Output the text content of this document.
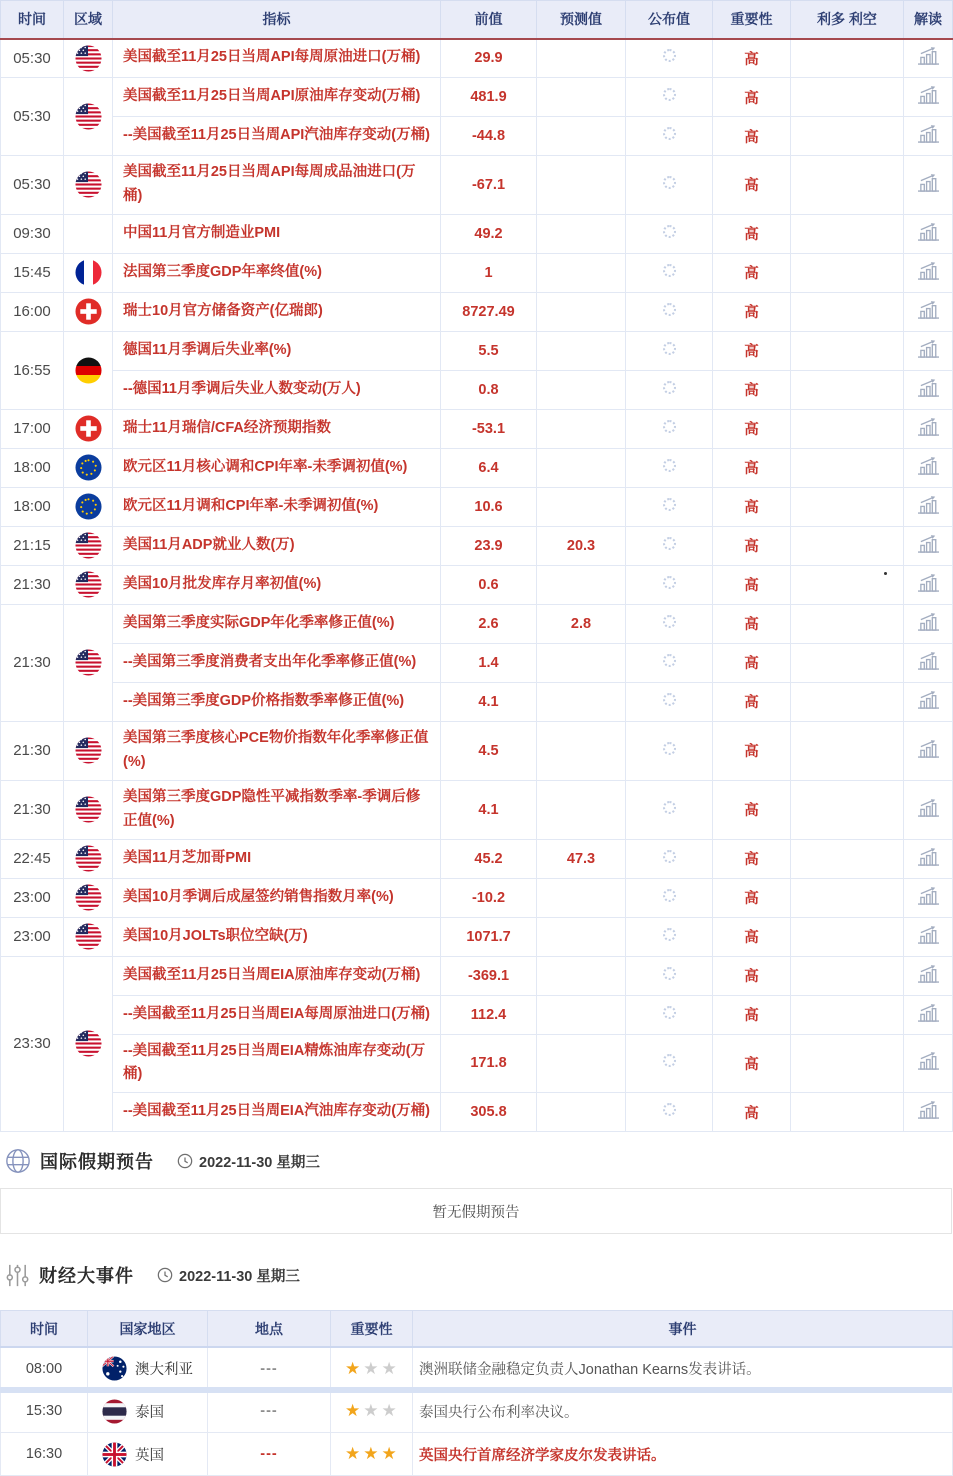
时间	区域	指标	前值	预测值	公布值	重要性	利多 利空	解读
05:30		美国截至11月25日当周API每周原油进口(万桶)	29.9			高		
05:30		美国截至11月25日当周API原油库存变动(万桶)	481.9			高		
		--美国截至11月25日当周API汽油库存变动(万桶)	-44.8			高		
05:30		美国截至11月25日当周API每周成品油进口(万桶)	-67.1			高		
09:30		中国11月官方制造业PMI	49.2			高		
15:45		法国第三季度GDP年率终值(%)	1			高		
16:00		瑞士10月官方储备资产(亿瑞郎)	8727.49			高		
16:55		德国11月季调后失业率(%)	5.5			高		
		--德国11月季调后失业人数变动(万人)	0.8			高		
17:00		瑞士11月瑞信/CFA经济预期指数	-53.1			高		
18:00		欧元区11月核心调和CPI年率-未季调初值(%)	6.4			高		
18:00		欧元区11月调和CPI年率-未季调初值(%)	10.6			高		
21:15		美国11月ADP就业人数(万)	23.9	20.3		高		
21:30		美国10月批发库存月率初值(%)	0.6			高	

21:30		美国第三季度实际GDP年化季率修正值(%)	2.6	2.8		高		
		--美国第三季度消费者支出年化季率修正值(%)	1.4			高		
		--美国第三季度GDP价格指数季率修正值(%)	4.1			高		
21:30		美国第三季度核心PCE物价指数年化季率修正值(%)	4.5			高		
21:30		美国第三季度GDP隐性平减指数季率-季调后修正值(%)	4.1			高		
22:45		美国11月芝加哥PMI	45.2	47.3		高		
23:00		美国10月季调后成屋签约销售指数月率(%)	-10.2			高		
23:00		美国10月JOLTs职位空缺(万)	1071.7			高		
23:30		美国截至11月25日当周EIA原油库存变动(万桶)	-369.1			高		
		--美国截至11月25日当周EIA每周原油进口(万桶)	112.4			高		
		--美国截至11月25日当周EIA精炼油库存变动(万桶)	171.8			高		
		--美国截至11月25日当周EIA汽油库存变动(万桶)	305.8			高		
国际假期预告	2022-11-30 星期三
暂无假期预告
财经大事件	2022-11-30 星期三
时间	国家地区	地点	重要性	事件
08:00	澳大利亚	---	★ ★ ★	澳洲联储金融稳定负责人Jonathan Kearns发表讲话。
15:30	泰国	---	★ ★ ★	泰国央行公布利率决议。
16:30	英国	---	★ ★ ★	英国央行首席经济学家皮尔发表讲话。
